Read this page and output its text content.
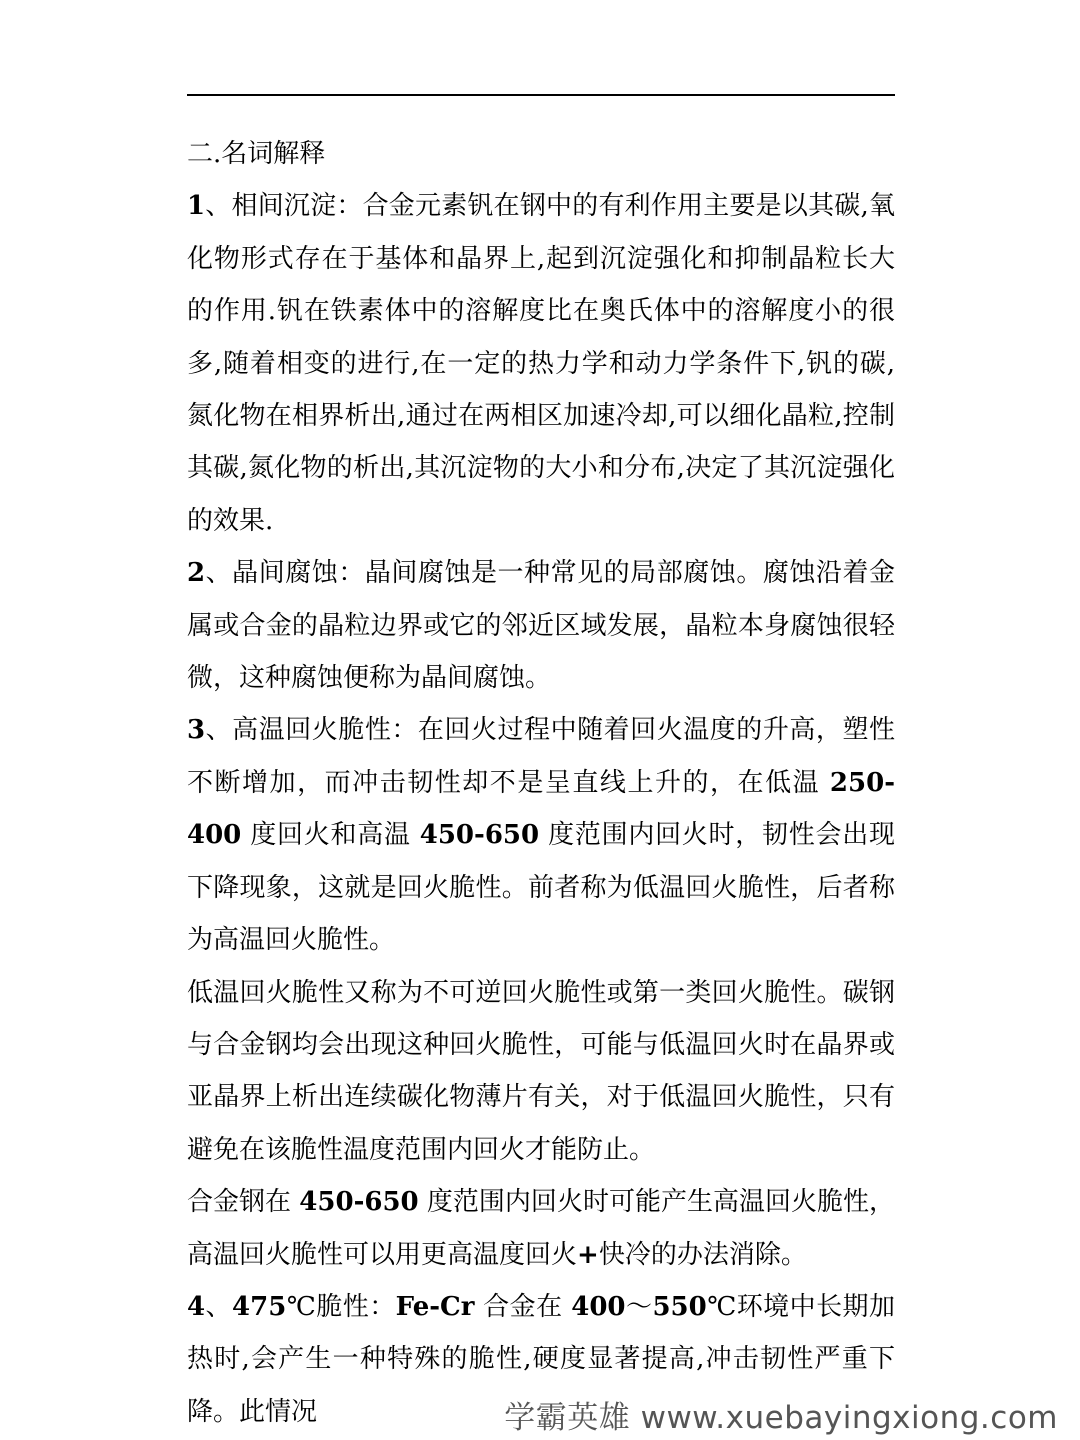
二.名词解释

1、相间沉淀：合金元素钒在钢中的有利作用主要是以其碳,氧化物形式存在于基体和晶界上,起到沉淀强化和抑制晶粒长大的作用.钒在铁素体中的溶解度比在奥氏体中的溶解度小的很多,随着相变的进行,在一定的热力学和动力学条件下,钒的碳,氮化物在相界析出,通过在两相区加速冷却,可以细化晶粒,控制其碳,氮化物的析出,其沉淀物的大小和分布,决定了其沉淀强化的效果.

2、晶间腐蚀：晶间腐蚀是一种常见的局部腐蚀。腐蚀沿着金属或合金的晶粒边界或它的邻近区域发展，晶粒本身腐蚀很轻微，这种腐蚀便称为晶间腐蚀。

3、高温回火脆性：在回火过程中随着回火温度的升高，塑性不断增加，而冲击韧性却不是呈直线上升的，在低温 250-400 度回火和高温 450-650 度范围内回火时，韧性会出现下降现象，这就是回火脆性。前者称为低温回火脆性，后者称为高温回火脆性。

低温回火脆性又称为不可逆回火脆性或第一类回火脆性。碳钢与合金钢均会出现这种回火脆性，可能与低温回火时在晶界或亚晶界上析出连续碳化物薄片有关，对于低温回火脆性，只有避免在该脆性温度范围内回火才能防止。

合金钢在 450-650 度范围内回火时可能产生高温回火脆性，高温回火脆性可以用更高温度回火+快冷的办法消除。

4、475℃脆性：Fe-Cr 合金在 400～550℃环境中长期加热时,会产生一种特殊的脆性,硬度显著提高,冲击韧性严重下降。此情况	学霸英雄 www.xuebayingxiong.com
